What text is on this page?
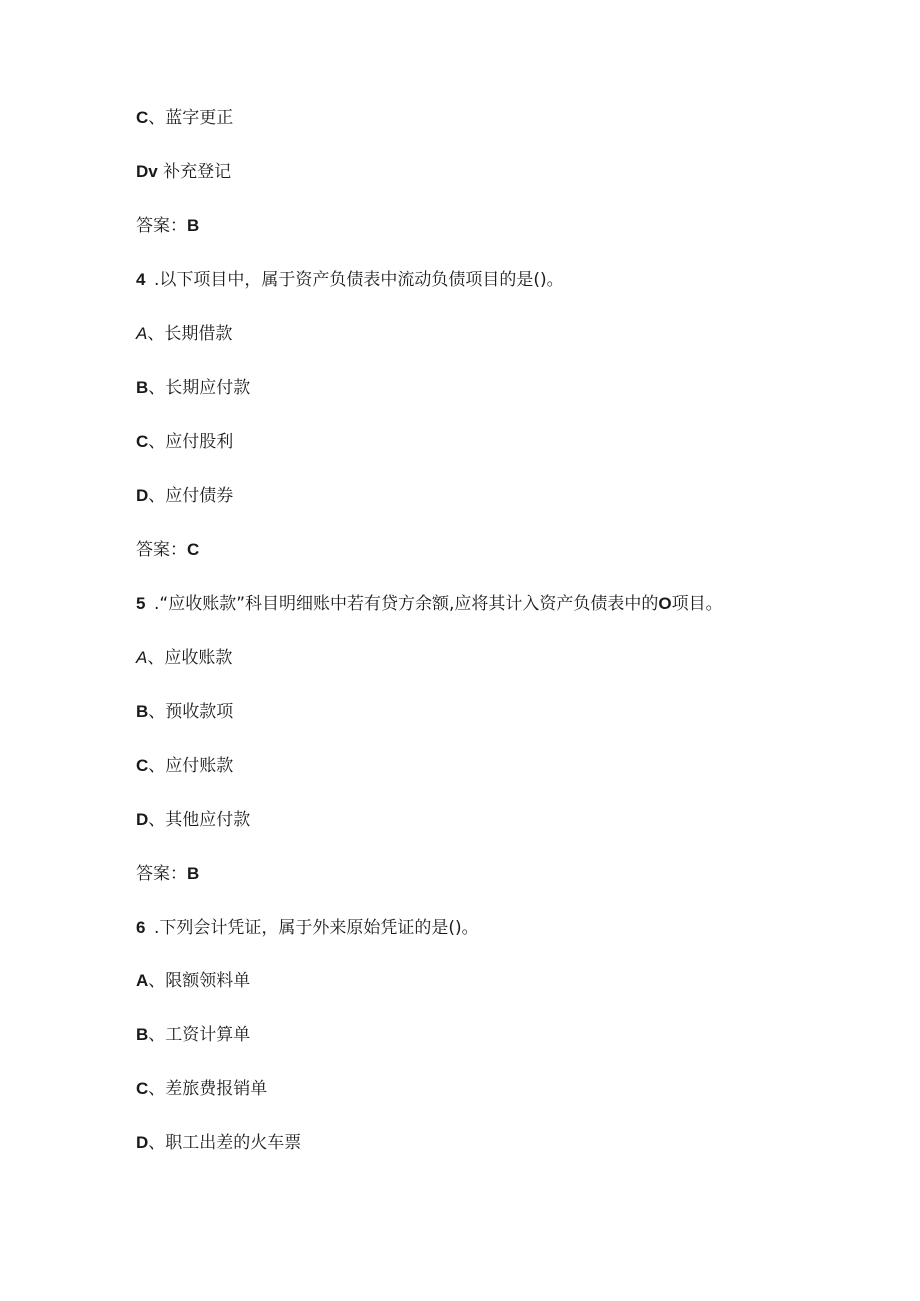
C、蓝字更正
Dv 补充登记
答案：B
4 .以下项目中，属于资产负债表中流动负债项目的是()。
A、长期借款
B、长期应付款
C、应付股利
D、应付债券
答案：C
5 .“应收账款”科目明细账中若有贷方余额,应将其计入资产负债表中的O项目。
A、应收账款
B、预收款项
C、应付账款
D、其他应付款
答案：B
6 .下列会计凭证，属于外来原始凭证的是()。
A、限额领料单
B、工资计算单
C、差旅费报销单
D、职工出差的火车票
